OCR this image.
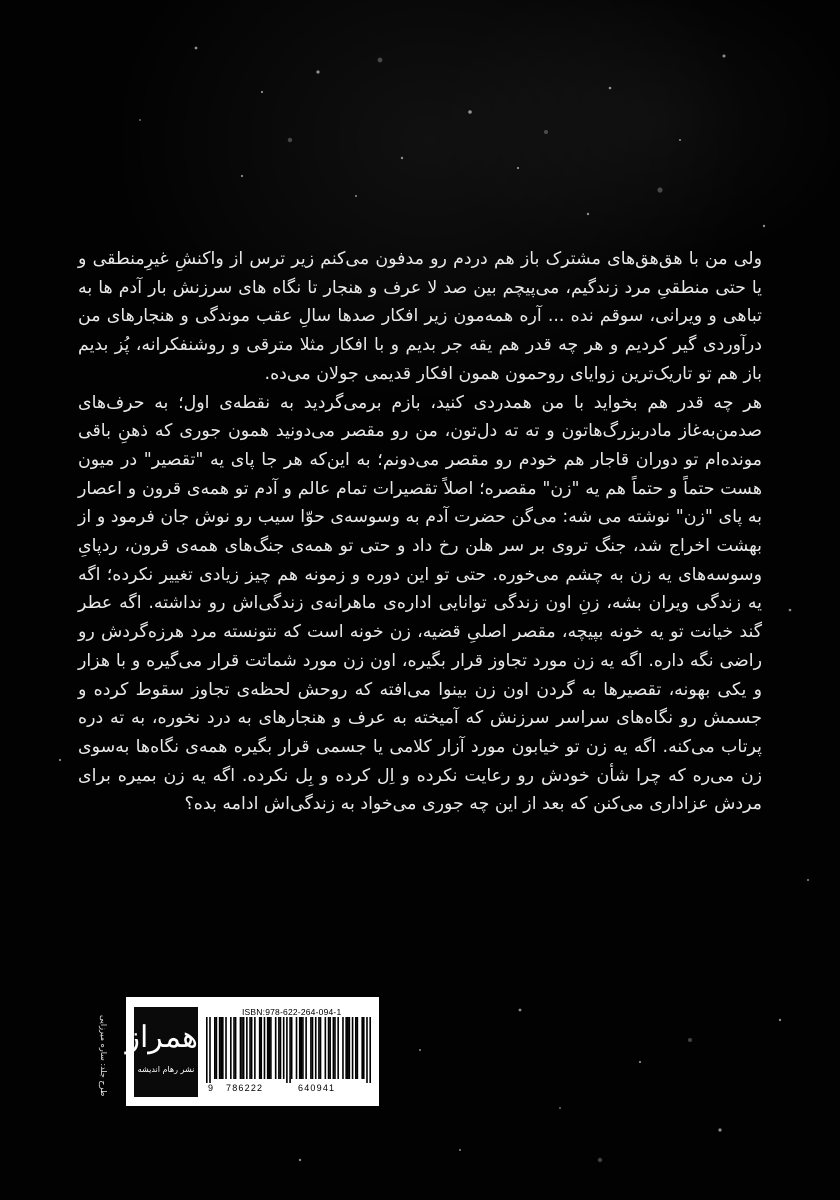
ولی من با هق‌هق‌های مشترک باز هم دردم رو مدفون می‌کنم زیر ترس از واکنشِ غیرِمنطقی و یا حتی منطقیِ مرد زندگیم، می‌پیچم بین صد لا عرف و هنجار تا نگاه های سرزنش بار آدم ها به تباهی و ویرانی، سوقم نده ... آره همه‌مون زیر افکار صدها سالِ عقب موندگی و هنجارهای من درآوردی گیر کردیم و هر چه قدر هم یقه جر بدیم و با افکار مثلا مترقی و روشنفکرانه، پُز بدیم باز هم تو تاریک‌ترین زوایای روحمون همون افکار قدیمی جولان می‌ده.

هر چه قدر هم بخواید با من همدردی کنید، بازم برمی‌گردید به نقطه‌ی اول؛ به حرف‌های صدمن‌به‌غاز مادربزرگ‌هاتون و ته ته دل‌تون، من رو مقصر می‌دونید همون جوری که ذهنِ باقی مونده‌ام تو دوران قاجار هم خودم رو مقصر می‌دونم؛ به این‌که هر جا پای یه "تقصیر" در میون هست حتماً و حتماً هم یه "زن" مقصره؛ اصلاً تقصیرات تمام عالم و آدم تو همه‌ی قرون و اعصار به پای "زن" نوشته می شه: می‌گن حضرت آدم به وسوسه‌ی حوّا سیب رو نوش جان فرمود و از بهشت اخراج شد، جنگ تروی بر سر هلن رخ داد و حتی تو همه‌ی جنگ‌های همه‌ی قرون، ردپایِ وسوسه‌های یه زن به چشم می‌خوره. حتی تو این دوره و زمونه هم چیز زیادی تغییر نکرده؛ اگه یه زندگی ویران بشه، زنِ اون زندگی توانایی اداره‌ی ماهرانه‌ی زندگی‌اش رو نداشته. اگه عطر گند خیانت تو یه خونه بپیچه، مقصر اصلیِ قضیه، زن خونه است که نتونسته مرد هرزه‌گردش رو راضی نگه داره. اگه یه زن مورد تجاوز قرار بگیره، اون زن مورد شماتت قرار می‌گیره و با هزار و یکی بهونه، تقصیرها به گردن اون زن بینوا می‌افته که روحش لحظه‌ی تجاوز سقوط کرده و جسمش رو نگاه‌های سراسر سرزنش که آمیخته به عرف و هنجارهای به درد نخوره، به ته دره پرتاب می‌کنه. اگه یه زن تو خیابون مورد آزار کلامی یا جسمی قرار بگیره همه‌ی نگاه‌ها به‌سوی زن می‌ره که چرا شأن خودش رو رعایت نکرده و اِل کرده و بِل نکرده. اگه یه زن بمیره برای مردش عزاداری می‌کنن که بعد از این چه جوری می‌خواد به زندگی‌اش ادامه بده؟

طرح جلد: ساره میرزایی همراز
نشر رهام اندیشه
ISBN:978-622-264-094-1
9 786222	640941
